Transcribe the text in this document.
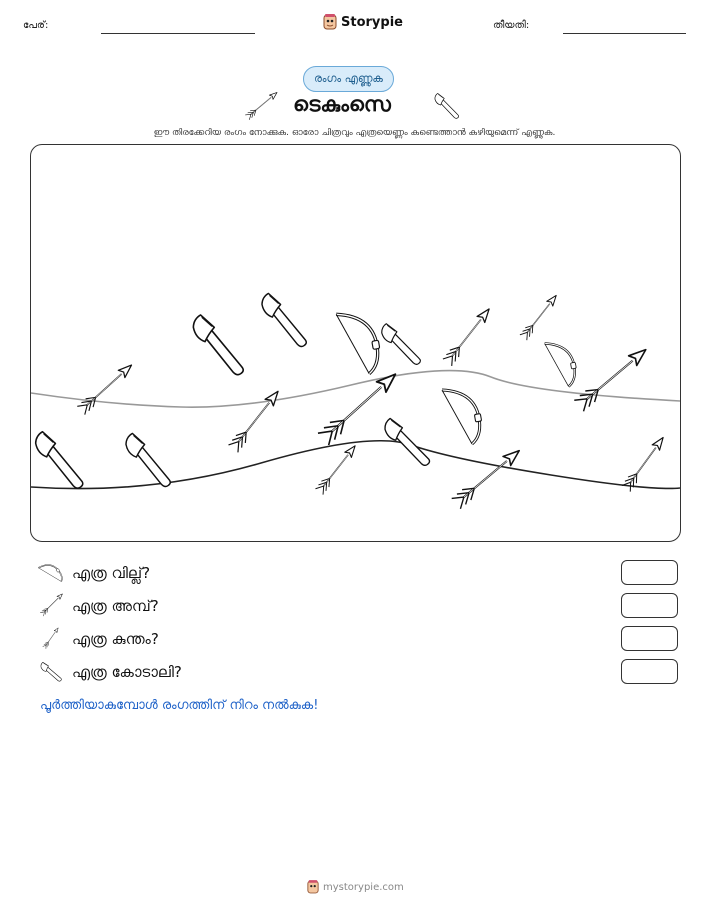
പേര്:	Storypie	തീയതി:
രംഗം എണ്ണുക
ടെകുംസെ
ഈ തിരക്കേറിയ രംഗം നോക്കുക. ഓരോ ചിത്രവും എത്രയെണ്ണം കണ്ടെത്താൻ കഴിയുമെന്ന് എണ്ണുക.
എത്ര വില്ല്?
എത്ര അമ്പ്?
എത്ര കുന്തം?
എത്ര കോടാലി?
പൂർത്തിയാകുമ്പോൾ രംഗത്തിന് നിറം നൽകുക!
mystorypie.com
